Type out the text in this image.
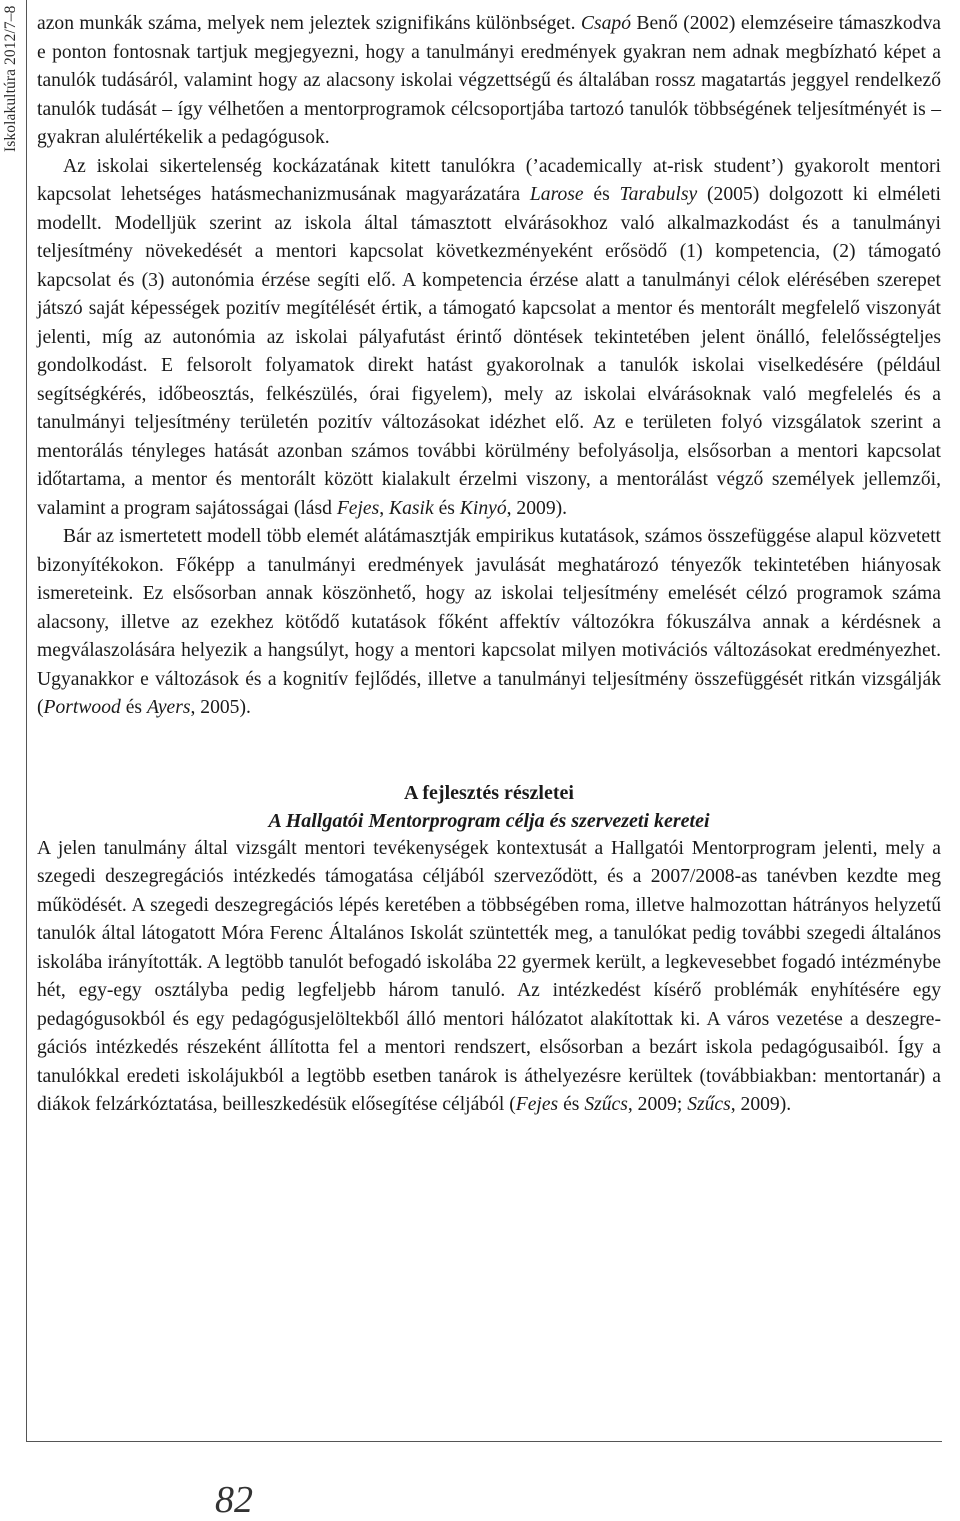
Iskolakultúra 2012/7–8 azon munkák száma, melyek nem jeleztek szignifikáns különbséget. Csapó Benő (2002) elemzéseire támaszkodva e ponton fontosnak tartjuk megjegyezni, hogy a tanulmányi eredmények gyakran nem adnak megbízható képet a tanulók tudásáról, valamint hogy az alacsony iskolai végzettségű és általában rossz magatartás jeggyel rendelkező tanulók tudását – így vélhetően a mentorprogramok célcsoportjába tartozó tanulók többségének teljesítményét is – gyakran alulértékelik a pedagógusok.

Az iskolai sikertelenség kockázatának kitett tanulókra (’academically at-risk student’) gyakorolt mentori kapcsolat lehetséges hatásmechanizmusának magyarázatára Larose és Tarabulsy (2005) dolgozott ki elméleti modellt. Modelljük szerint az iskola által támasztott elvárásokhoz való alkalmazkodást és a tanulmányi teljesítmény növekedését a mentori kapcsolat következményeként erősödő (1) kompetencia, (2) támogató kapcsolat és (3) autonómia érzése segíti elő. A kompetencia érzése alatt a tanulmányi célok elérésében szerepet játszó saját képességek pozitív megítélését értik, a támogató kapcsolat a mentor és mentorált megfelelő viszonyát jelenti, míg az autonómia az iskolai pályafutást érintő döntések tekintetében jelent önálló, felelősségteljes gondolkodást. E felsorolt folyamatok direkt hatást gyakorolnak a tanulók iskolai viselkedésére (például segítségkérés, időbeosztás, felkészülés, órai figyelem), mely az iskolai elvárásoknak való megfelelés és a tanulmányi teljesítmény területén pozitív változásokat idézhet elő. Az e területen folyó vizsgálatok szerint a mentorálás tényleges hatását azonban számos további körülmény befolyásolja, elsősorban a mentori kapcsolat időtartama, a mentor és mentorált között kialakult érzelmi viszony, a mentorálást végző személyek jellemzői, valamint a program sajátosságai (lásd Fejes, Kasik és Kinyó, 2009).

Bár az ismertetett modell több elemét alátámasztják empirikus kutatások, számos összefüggése alapul közvetett bizonyítékokon. Főképp a tanulmányi eredmények javulását meghatározó tényezők tekintetében hiányosak ismereteink. Ez elsősorban annak köszönhető, hogy az iskolai teljesítmény emelését célzó programok száma alacsony, illetve az ezekhez kötődő kutatások főként affektív változókra fókuszálva annak a kérdésnek a megválaszolására helyezik a hangsúlyt, hogy a mentori kapcsolat milyen motivációs változásokat eredményezhet. Ugyanakkor e változások és a kognitív fejlődés, illetve a tanulmányi teljesítmény összefüggését ritkán vizsgálják (Portwood és Ayers, 2005).

A fejlesztés részletei

A Hallgatói Mentorprogram célja és szervezeti keretei

A jelen tanulmány által vizsgált mentori tevékenységek kontextusát a Hallgatói Mentorprogram jelenti, mely a szegedi deszegregációs intézkedés támogatása céljából szerveződött, és a 2007/2008-as tanévben kezdte meg működését. A szegedi deszegregációs lépés keretében a többségében roma, illetve halmozottan hátrányos helyzetű tanulók által látogatott Móra Ferenc Általános Iskolát szüntették meg, a tanulókat pedig további szegedi általános iskolába irányították. A legtöbb tanulót befogadó iskolába 22 gyermek került, a legkevesebbet fogadó intézménybe hét, egy-egy osztályba pedig legfeljebb három tanuló. Az intézkedést kísérő problémák enyhítésére egy pedagógusokból és egy pedagógusjelöltekből álló mentori hálózatot alakítottak ki. A város vezetése a deszegregációs intézkedés részeként állította fel a mentori rendszert, elsősorban a bezárt iskola pedagógusaiból. Így a tanulókkal eredeti iskolájukból a legtöbb esetben tanárok is áthelyezésre kerültek (továbbiakban: mentortanár) a diákok felzárkóztatása, beilleszkedésük elősegítése céljából (Fejes és Szűcs, 2009; Szűcs, 2009).

82
